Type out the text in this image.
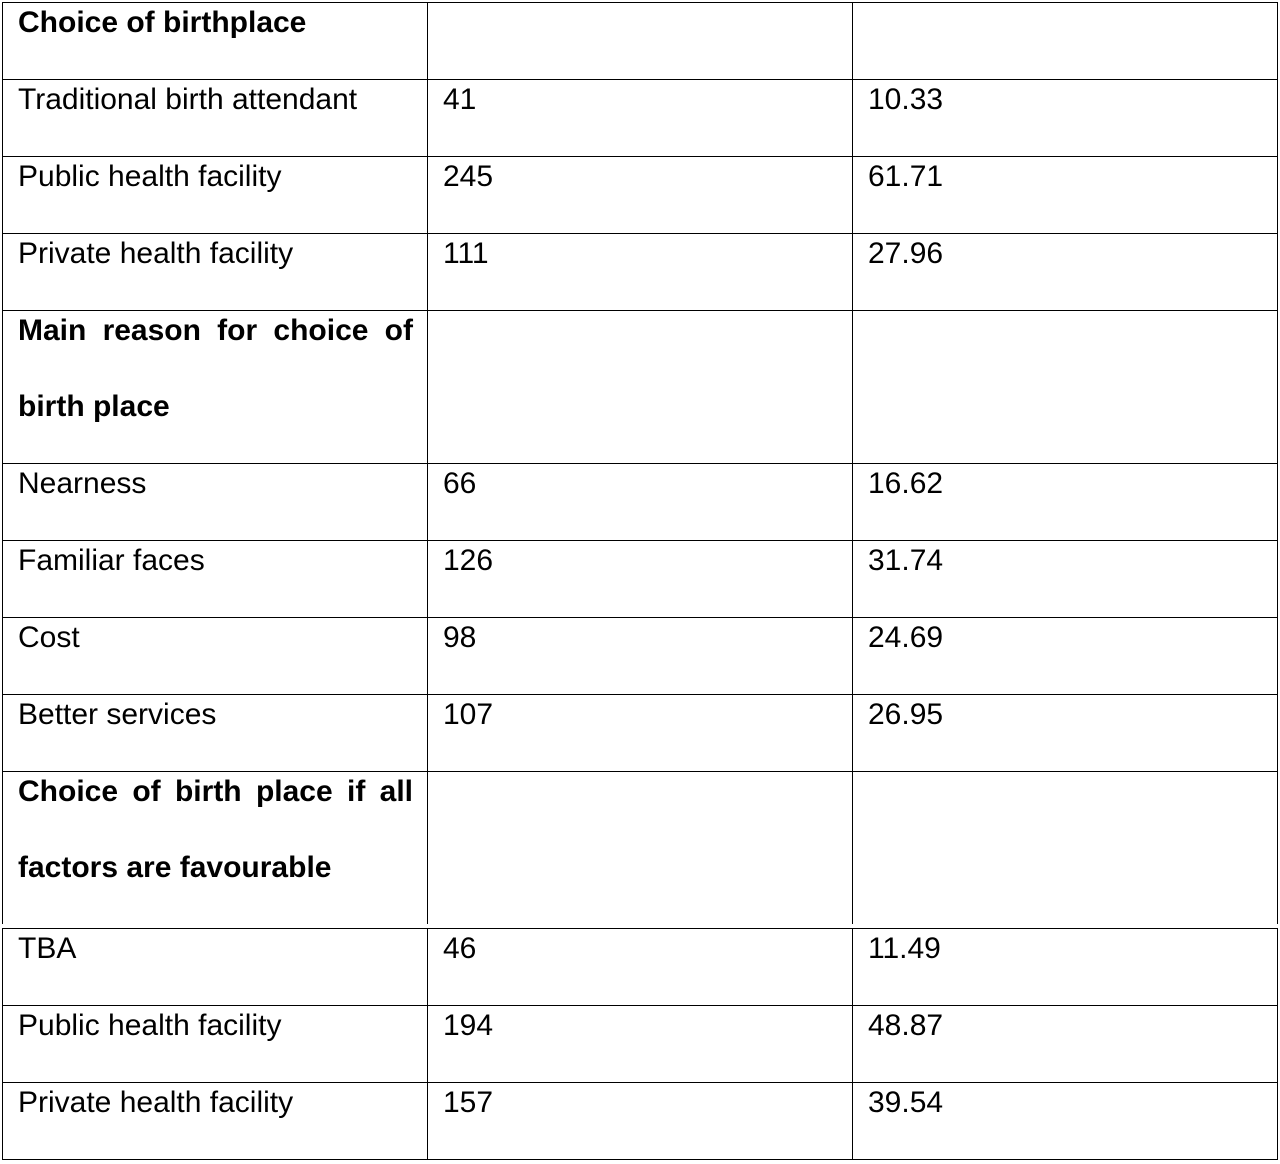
Choice of birthplace		

Traditional birth attendant	41	10.33

Public health facility	245	61.71

Private health facility	111	27.96

Main reason for choice of birth place		

Nearness	66	16.62

Familiar faces	126	31.74

Cost	98	24.69

Better services	107	26.95

Choice of birth place if all factors are favourable		

TBA	46	11.49

Public health facility	194	48.87

Private health facility	157	39.54
